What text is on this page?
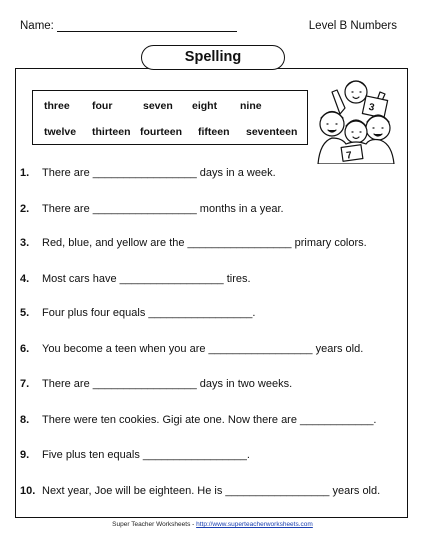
Name:	Level B Numbers
Spelling
three four	seven eight nine
twelve thirteen fourteen fifteen seventeen
3
7
1. There are _________________ days in a week.
2. There are _________________ months in a year.
3. Red, blue, and yellow are the _________________ primary colors.
4. Most cars have _________________ tires.
5. Four plus four equals _________________.
6. You become a teen when you are _________________ years old.
7. There are _________________ days in two weeks.
8. There were ten cookies. Gigi ate one. Now there are ____________.
9. Five plus ten equals _________________.
10. Next year, Joe will be eighteen. He is _________________ years old.
Super Teacher Worksheets - http://www.superteacherworksheets.com
